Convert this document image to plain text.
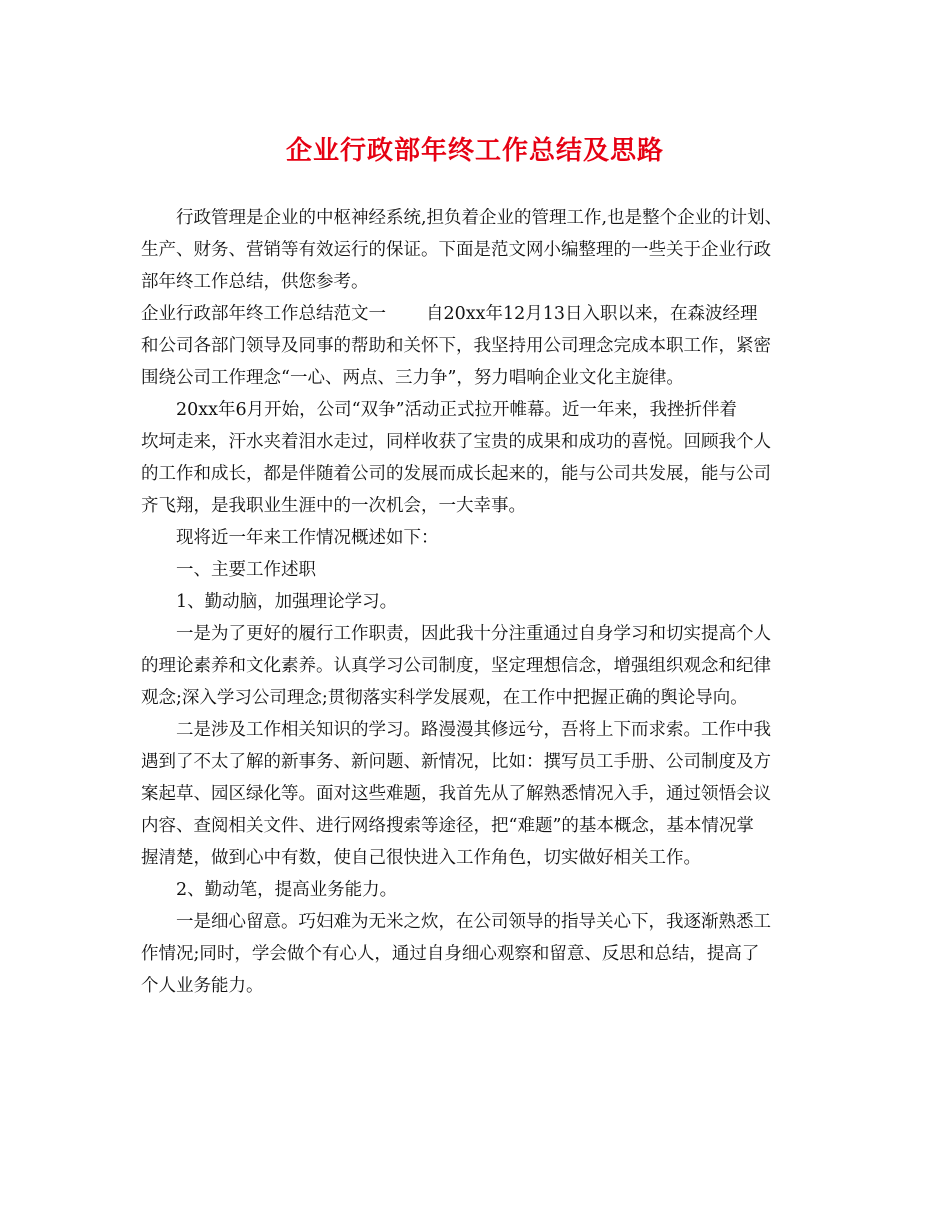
企业行政部年终工作总结及思路

行政管理是企业的中枢神经系统,担负着企业的管理工作,也是整个企业的计划、

生产、财务、营销等有效运行的保证。下面是范文网小编整理的一些关于企业行政

部年终工作总结，供您参考。

企业行政部年终工作总结范文一 自20xx年12月13日入职以来，在森波经理

和公司各部门领导及同事的帮助和关怀下，我坚持用公司理念完成本职工作，紧密

围绕公司工作理念“一心、两点、三力争”，努力唱响企业文化主旋律。

20xx年6月开始，公司“双争”活动正式拉开帷幕。近一年来，我挫折伴着

坎坷走来，汗水夹着泪水走过，同样收获了宝贵的成果和成功的喜悦。回顾我个人

的工作和成长，都是伴随着公司的发展而成长起来的，能与公司共发展，能与公司

齐飞翔，是我职业生涯中的一次机会，一大幸事。

现将近一年来工作情况概述如下：

一、主要工作述职

1、勤动脑，加强理论学习。

一是为了更好的履行工作职责，因此我十分注重通过自身学习和切实提高个人

的理论素养和文化素养。认真学习公司制度，坚定理想信念，增强组织观念和纪律

观念;深入学习公司理念;贯彻落实科学发展观，在工作中把握正确的舆论导向。

二是涉及工作相关知识的学习。路漫漫其修远兮，吾将上下而求索。工作中我

遇到了不太了解的新事务、新问题、新情况，比如：撰写员工手册、公司制度及方

案起草、园区绿化等。面对这些难题，我首先从了解熟悉情况入手，通过领悟会议

内容、查阅相关文件、进行网络搜索等途径，把“难题”的基本概念，基本情况掌

握清楚，做到心中有数，使自己很快进入工作角色，切实做好相关工作。

2、勤动笔，提高业务能力。

一是细心留意。巧妇难为无米之炊，在公司领导的指导关心下，我逐渐熟悉工

作情况;同时，学会做个有心人，通过自身细心观察和留意、反思和总结，提高了

个人业务能力。
